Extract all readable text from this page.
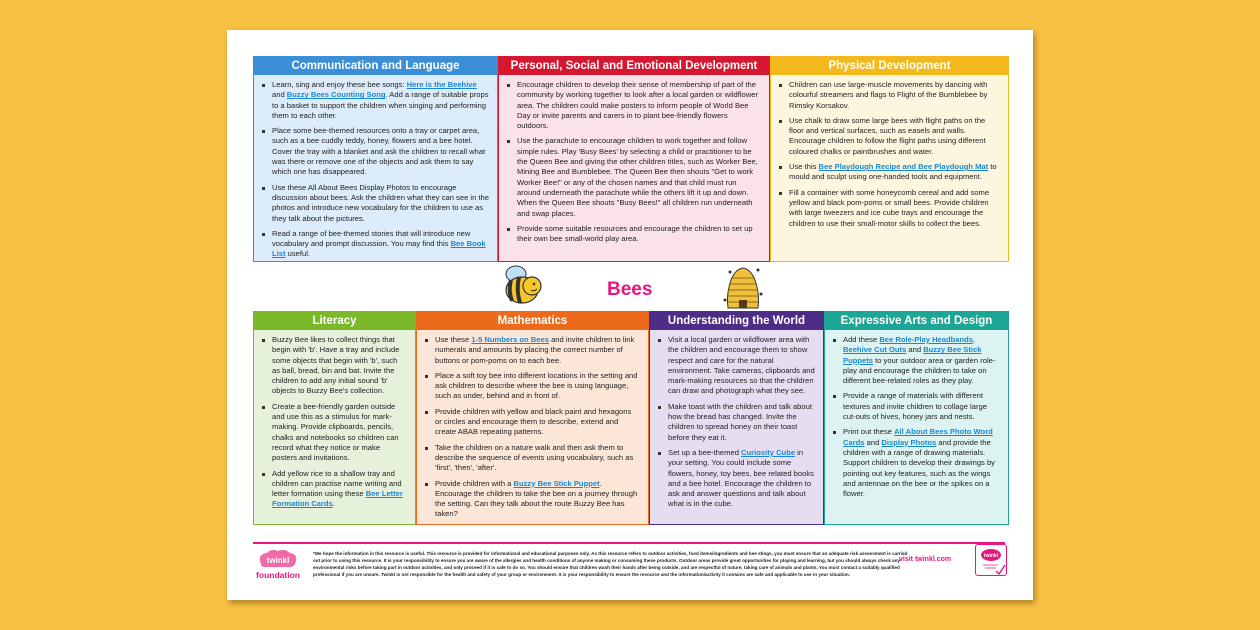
Communication and Language
Learn, sing and enjoy these bee songs: Here is the Beehive and Buzzy Bees Counting Song. Add a range of suitable props to a basket to support the children when singing and performing them to each other.
Place some bee-themed resources onto a tray or carpet area, such as a bee cuddly teddy, honey, flowers and a bee hotel. Cover the tray with a blanket and ask the children to recall what was there or remove one of the objects and ask them to say which one has disappeared.
Use these All About Bees Display Photos to encourage discussion about bees. Ask the children what they can see in the photos and introduce new vocabulary for the children to use as they talk about the pictures.
Read a range of bee-themed stories that will introduce new vocabulary and prompt discussion. You may find this Bee Book List useful.
Personal, Social and Emotional Development
Encourage children to develop their sense of membership of part of the community by working together to look after a local garden or wildflower area. The children could make posters to inform people of World Bee Day or invite parents and carers in to plant bee-friendly flowers outdoors.
Use the parachute to encourage children to work together and follow simple rules. Play 'Busy Bees' by selecting a child or practitioner to be the Queen Bee and giving the other children titles, such as Worker Bee, Mining Bee and Bumblebee. The Queen Bee then shouts "Get to work Worker Bee!" or any of the chosen names and that child must run around underneath the parachute while the others lift it up and down. When the Queen Bee shouts "Busy Bees!" all children run underneath and swap places.
Provide some suitable resources and encourage the children to set up their own bee small-world play area.
Physical Development
Children can use large-muscle movements by dancing with colourful streamers and flags to Flight of the Bumblebee by Rimsky Korsakov.
Use chalk to draw some large bees with flight paths on the floor and vertical surfaces, such as easels and walls. Encourage children to follow the flight paths using different coloured chalks or paintbrushes and water.
Use this Bee Playdough Recipe and Bee Playdough Mat to mould and sculpt using one-handed tools and equipment.
Fill a container with some honeycomb cereal and add some yellow and black pom-poms or small bees. Provide children with large tweezers and ice cube trays and encourage the children to use their small-motor skills to collect the bees.
Bees
Literacy
Buzzy Bee likes to collect things that begin with 'b'. Have a tray and include some objects that begin with 'b', such as ball, bread, bin and bat. Invite the children to add any initial sound 'b' objects to Buzzy Bee's collection.
Create a bee-friendly garden outside and use this as a stimulus for mark-making. Provide clipboards, pencils, chalks and notebooks so children can record what they notice or make posters and invitations.
Add yellow rice to a shallow tray and children can practise name writing and letter formation using these Bee Letter Formation Cards.
Mathematics
Use these 1-5 Numbers on Bees and invite children to link numerals and amounts by placing the correct number of buttons or pom-poms on to each bee.
Place a soft toy bee into different locations in the setting and ask children to describe where the bee is using language, such as under, behind and in front of.
Provide children with yellow and black paint and hexagons or circles and encourage them to describe, extend and create ABAB repeating patterns.
Take the children on a nature walk and then ask them to describe the sequence of events using vocabulary, such as 'first', 'then', 'after'.
Provide children with a Buzzy Bee Stick Puppet. Encourage the children to take the bee on a journey through the setting. Can they talk about the route Buzzy Bee has taken?
Understanding the World
Visit a local garden or wildflower area with the children and encourage them to show respect and care for the natural environment. Take cameras, clipboards and mark-making resources so that the children can draw and photograph what they see.
Make toast with the children and talk about how the bread has changed. Invite the children to spread honey on their toast before they eat it.
Set up a bee-themed Curiosity Cube in your setting. You could include some flowers, honey, toy bees, bee related books and a bee hotel. Encourage the children to ask and answer questions and talk about what is in the cube.
Expressive Arts and Design
Add these Bee Role-Play Headbands, Beehive Cut Outs and Buzzy Bee Stick Puppets to your outdoor area or garden role-play and encourage the children to take on different bee-related roles as they play.
Provide a range of materials with different textures and invite children to collage large cut-outs of hives, honey jars and nests.
Print out these All About Bees Photo Word Cards and Display Photos and provide the children with a range of drawing materials. Support children to develop their drawings by pointing out key features, such as the wings and antennae on the bee or the spikes on a flower.
twinkl
foundation
*We hope the information in this resource is useful. This resource is provided for informational and educational purposes only. As this resource refers to outdoor activities, food items/ingredients and bee stings, you must ensure that an adequate risk assessment is carried out prior to using this resource. It is your responsibility to ensure you are aware of the allergies and health conditions of anyone making or consuming these products. Outdoor areas provide great opportunities for playing and learning, but you should always check any environmental risks before taking part in outdoor activities, and only proceed if it is safe to do so. You should ensure that children wash their hands after being outside, and are respectful of nature, taking care of animals and plants. You must contact a suitably qualified professional if you are unsure. Twinkl is not responsible for the health and safety of your group or environment. It is your responsibility to ensure the resource and the information/activity it contains are safe and applicable to use in your situation.
visit twinkl.com	twinkl
